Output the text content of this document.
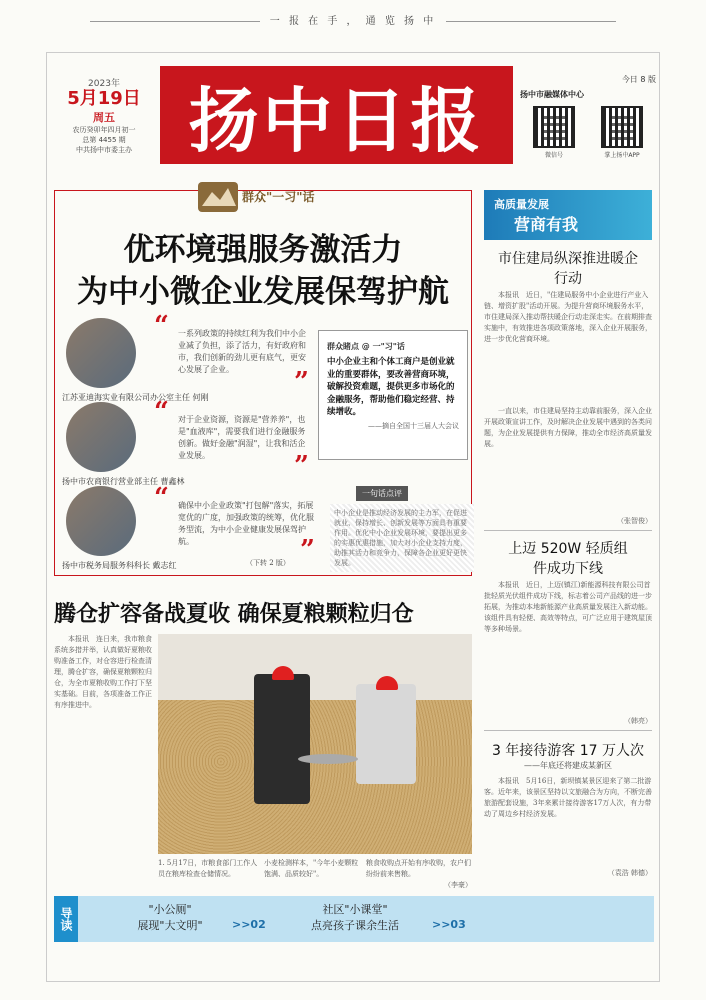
一 报 在 手 ， 通 览 扬 中
2023年
5月19日
周五
农历癸卯年四月初一
总第 4455 期
中共扬中市委主办 扬中日报	今日 8 版
扬中市融媒体中心
微信号	掌上扬中APP
群众"一习"话
优环境强服务激活力
为中小微企业发展保驾护航
“ 一系列政策的持续红利为我们中小企业减了负担，添了活力，有好政府和市，我们创新的劲儿更有底气，更安心发展了企业。	”
江苏亚迪海实业有限公司办公室主任 何刚
“ 对于企业资源，资源是"营养养"，也是"血液库"，需要我们进行金融服务创新。做好金融"润湿"，让我和活企业发展。	”
扬中市农商银行营业部主任 曹鑫林
“ 确保中小企业政策"打包解"落实，拓展宽优的广度，加强政策的统筹，优化服务型流，为中小企业健康发展保驾护航。	”
扬中市税务局服务科科长 戴志红	（下转 2 版）
群众睹点 @ 一"习"话
中小企业主和个体工商户是创业就业的重要群体，要改善营商环境，破解投资难题，提供更多市场化的金融服务，帮助他们稳定经营、持续增收。
——摘自全国十三届人大会议
一句话点评
中小企业是推动经济发展的主力军，在促进就业、保持增长、创新发展等方面具有重要作用。优化中小企业发展环境，要提出更多的实惠优惠措施，加大对小企业支持力度，助推其活力和竞争力，保障各企业更好更快发展。
高质量发展
营商有我
市住建局纵深推进暖企行动
本报讯　近日，"住建局服务中小企业进行产业入链、增资扩股"活动开展。为提升营商环境服务水平，市住建局深入推动帮扶暖企行动走深走实。在前期排查实施中，有效推进各项政策落地，深入企业开展服务，进一步优化营商环境。
一直以来，市住建局坚持主动靠前服务，深入企业开展政策宣讲工作，及时解决企业发展中遇到的各类问题，为企业发展提供有力保障，推动全市经济高质量发展。
（张智俊）
上迈 520W 轻质组件成功下线
本报讯　近日，上迈(镇江)新能源科技有限公司首批轻质光伏组件成功下线，标志着公司产品线的进一步拓展，为推动本地新能源产业高质量发展注入新动能。该组件具有轻便、高效等特点，可广泛应用于建筑屋顶等多种场景。
（韩亮）
3 年接待游客 17 万人次
——年底还将建成某新区
本报讯　5月16日，新坝镇某景区迎来了第二批游客。近年来，该景区坚持以文旅融合为方向，不断完善旅游配套设施，3年来累计接待游客17万人次，有力带动了周边乡村经济发展。
（袁浩 韩德）
腾仓扩容备战夏收 确保夏粮颗粒归仓
本报讯　连日来，我市粮食系统多措并举，认真做好夏粮收购准备工作，对仓容进行检查清理，腾仓扩容，确保夏粮颗粒归仓，为全市夏粮收购工作打下坚实基础。目前，各项准备工作正有序推进中。
1. 5月17日，市粮食部门工作人员在粮库检查仓储情况。
小麦检测样本，"今年小麦颗粒饱满、品质较好"。
粮食收购点开始有序收购，农户们纷纷前来售粮。
（李豪）
导读	"小公厕"
展现"大文明"	>>02
社区"小课堂"
点亮孩子课余生活	>>03
